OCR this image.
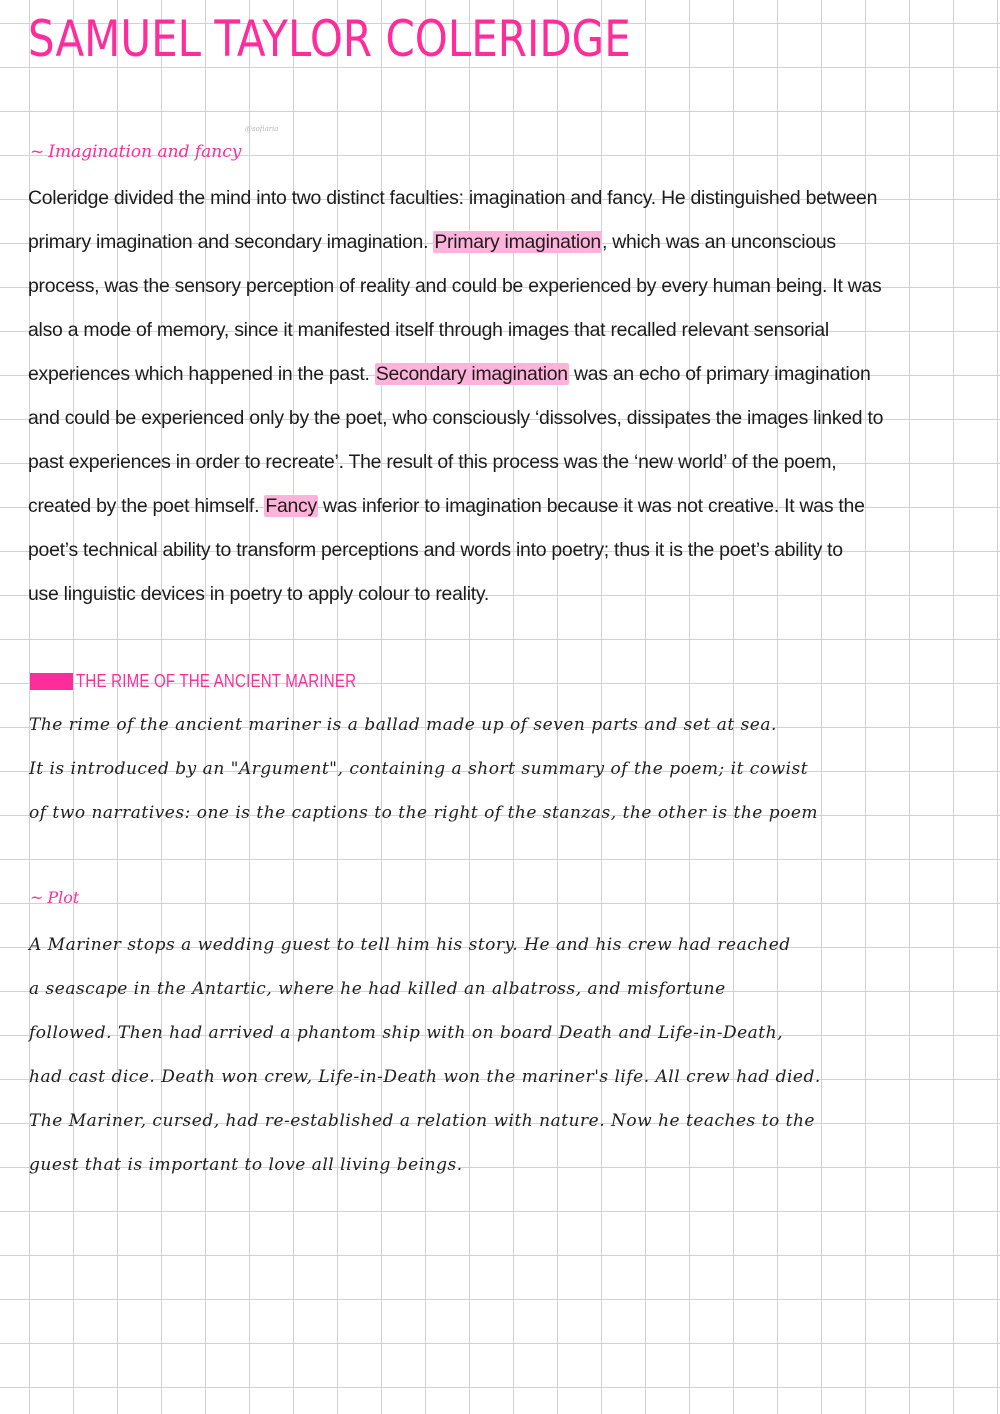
SAMUEL TAYLOR COLERIDGE
@sofiaria
~ Imagination and fancy
Coleridge divided the mind into two distinct faculties: imagination and fancy. He distinguished between
primary imagination and secondary imagination. Primary imagination, which was an unconscious
process, was the sensory perception of reality and could be experienced by every human being. It was
also a mode of memory, since it manifested itself through images that recalled relevant sensorial
experiences which happened in the past. Secondary imagination was an echo of primary imagination
and could be experienced only by the poet, who consciously ‘dissolves, dissipates the images linked to
past experiences in order to recreate’. The result of this process was the ‘new world’ of the poem,
created by the poet himself. Fancy was inferior to imagination because it was not creative. It was the
poet’s technical ability to transform perceptions and words into poetry; thus it is the poet’s ability to
use linguistic devices in poetry to apply colour to reality.
THE RIME OF THE ANCIENT MARINER
The rime of the ancient mariner is a ballad made up of seven parts and set at sea.
It is introduced by an "Argument", containing a short summary of the poem; it cowist
of two narratives: one is the captions to the right of the stanzas, the other is the poem
~ Plot
A Mariner stops a wedding guest to tell him his story. He and his crew had reached
a seascape in the Antartic, where he had killed an albatross, and misfortune
followed. Then had arrived a phantom ship with on board Death and Life-in-Death,
had cast dice. Death won crew, Life-in-Death won the mariner's life. All crew had died.
The Mariner, cursed, had re-established a relation with nature. Now he teaches to the
guest that is important to love all living beings.
